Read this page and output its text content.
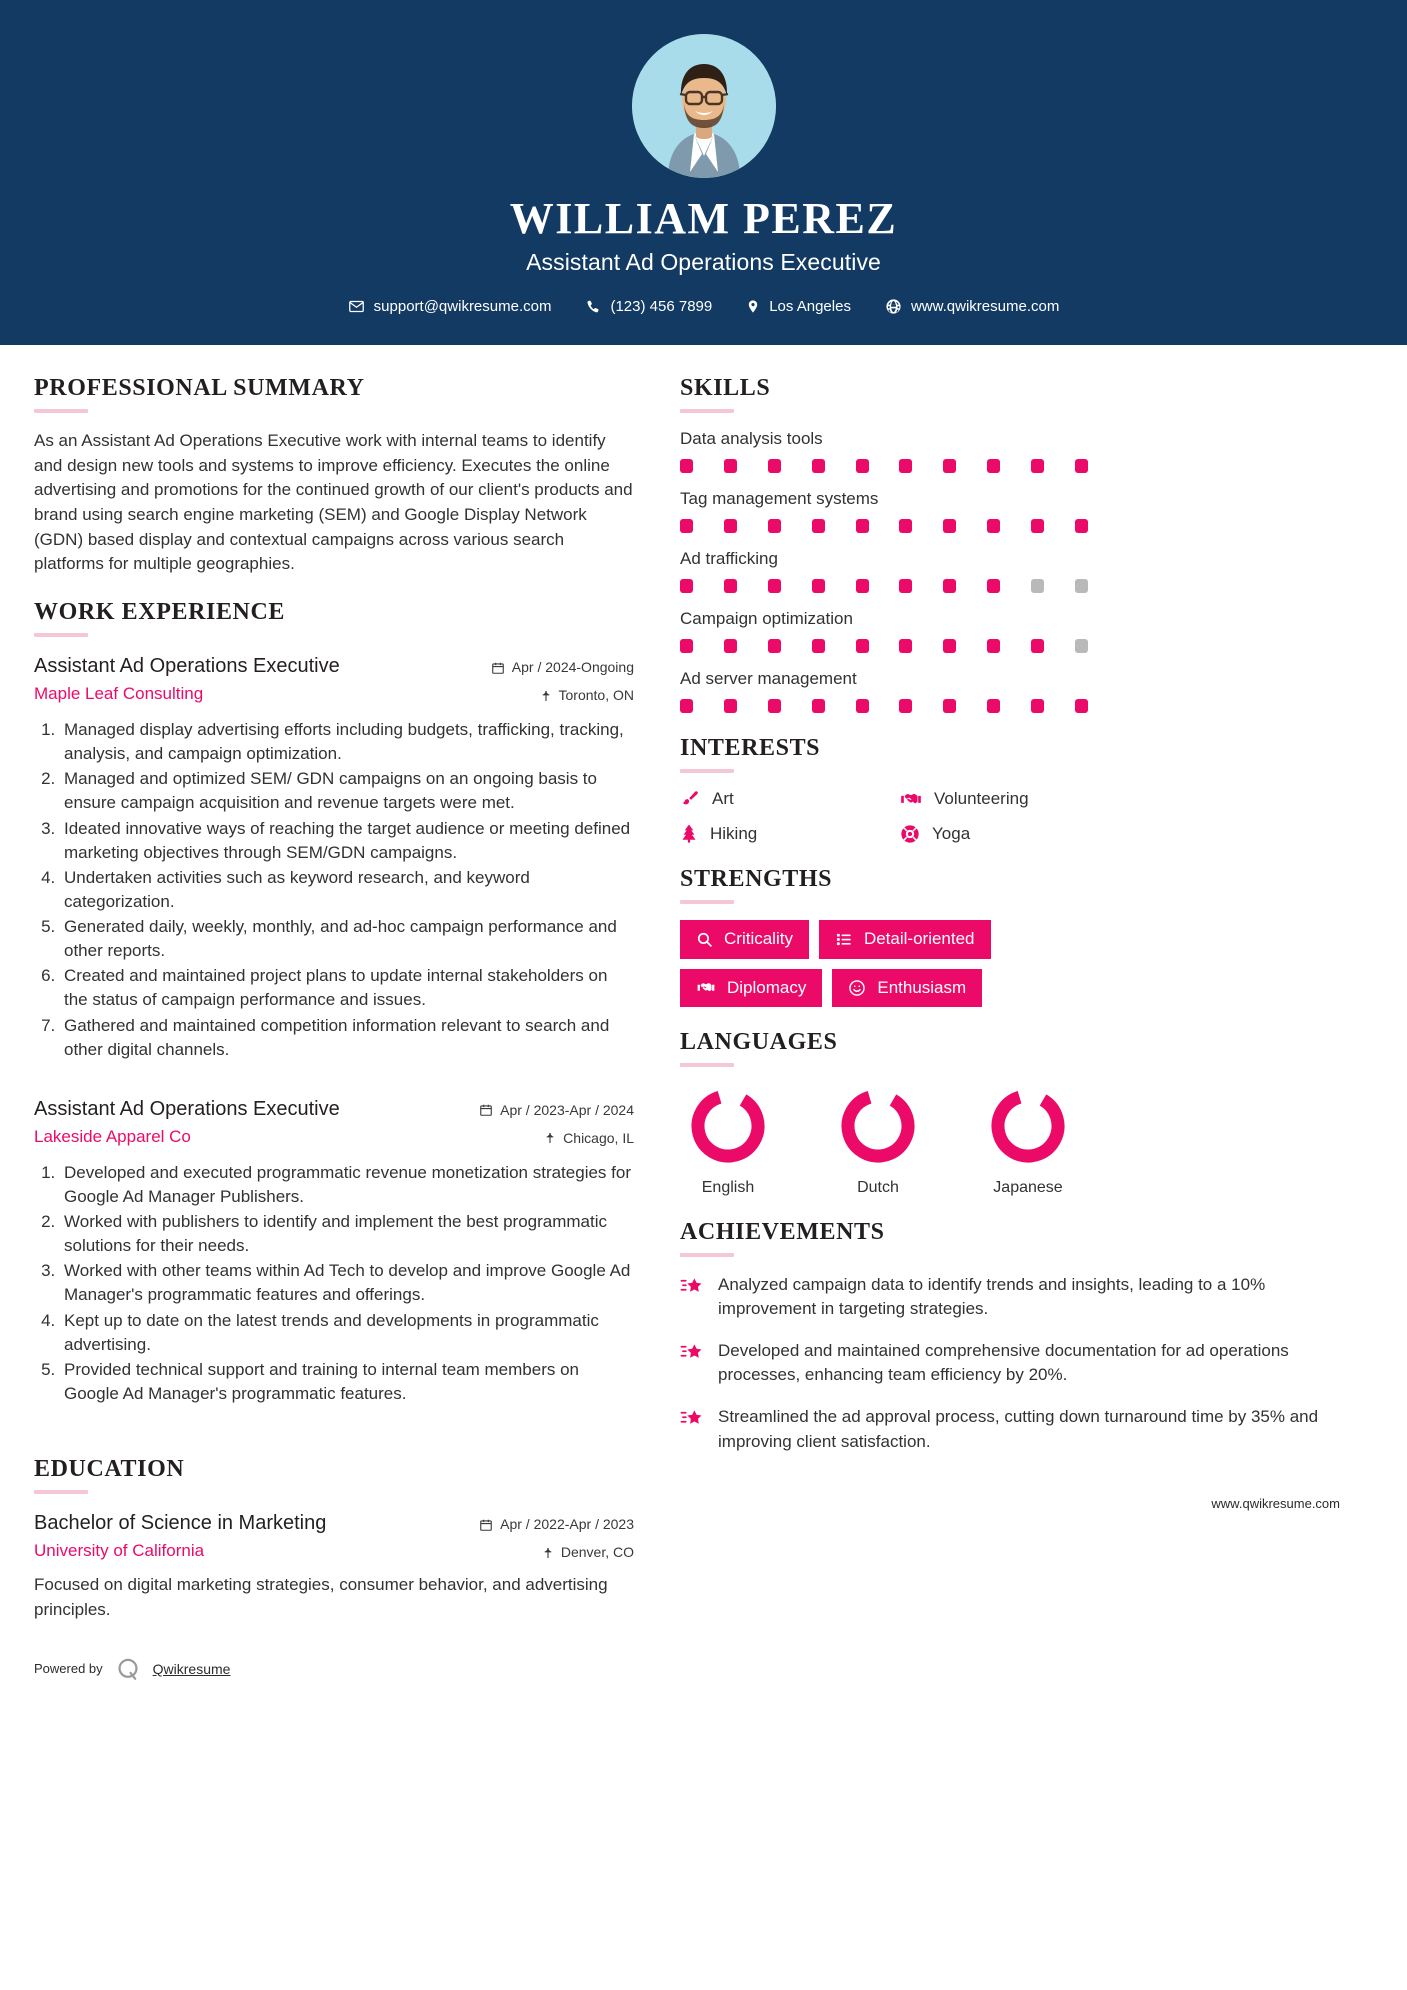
WILLIAM PEREZ
Assistant Ad Operations Executive
support@qwikresume.com	(123) 456 7899	Los Angeles	www.qwikresume.com
PROFESSIONAL SUMMARY

As an Assistant Ad Operations Executive work with internal teams to identify and design new tools and systems to improve efficiency. Executes the online advertising and promotions for the continued growth of our client's products and brand using search engine marketing (SEM) and Google Display Network (GDN) based display and contextual campaigns across various search platforms for multiple geographies.

WORK EXPERIENCE
Assistant Ad Operations Executive
Maple Leaf Consulting
Apr / 2024-Ongoing
Toronto, ON
1. Managed display advertising efforts including budgets, trafficking, tracking, analysis, and campaign optimization.
2. Managed and optimized SEM/ GDN campaigns on an ongoing basis to ensure campaign acquisition and revenue targets were met.
3. Ideated innovative ways of reaching the target audience or meeting defined marketing objectives through SEM/GDN campaigns.
4. Undertaken activities such as keyword research, and keyword categorization.
5. Generated daily, weekly, monthly, and ad-hoc campaign performance and other reports.
6. Created and maintained project plans to update internal stakeholders on the status of campaign performance and issues.
7. Gathered and maintained competition information relevant to search and other digital channels.
Assistant Ad Operations Executive
Lakeside Apparel Co
Apr / 2023-Apr / 2024
Chicago, IL
1. Developed and executed programmatic revenue monetization strategies for Google Ad Manager Publishers.
2. Worked with publishers to identify and implement the best programmatic solutions for their needs.
3. Worked with other teams within Ad Tech to develop and improve Google Ad Manager's programmatic features and offerings.
4. Kept up to date on the latest trends and developments in programmatic advertising.
5. Provided technical support and training to internal team members on Google Ad Manager's programmatic features.
EDUCATION
Bachelor of Science in Marketing
University of California
Apr / 2022-Apr / 2023
Denver, CO

Focused on digital marketing strategies, consumer behavior, and advertising principles.

Powered by	Qwikresume
SKILLS
Data analysis tools
Tag management systems
Ad trafficking
Campaign optimization
Ad server management
INTERESTS
Art	Volunteering
Hiking	Yoga
STRENGTHS
Criticality	Detail-oriented
Diplomacy	Enthusiasm
LANGUAGES
English	Dutch	Japanese
ACHIEVEMENTS

Analyzed campaign data to identify trends and insights, leading to a 10% improvement in targeting strategies.

Developed and maintained comprehensive documentation for ad operations processes, enhancing team efficiency by 20%.

Streamlined the ad approval process, cutting down turnaround time by 35% and improving client satisfaction.

www.qwikresume.com
